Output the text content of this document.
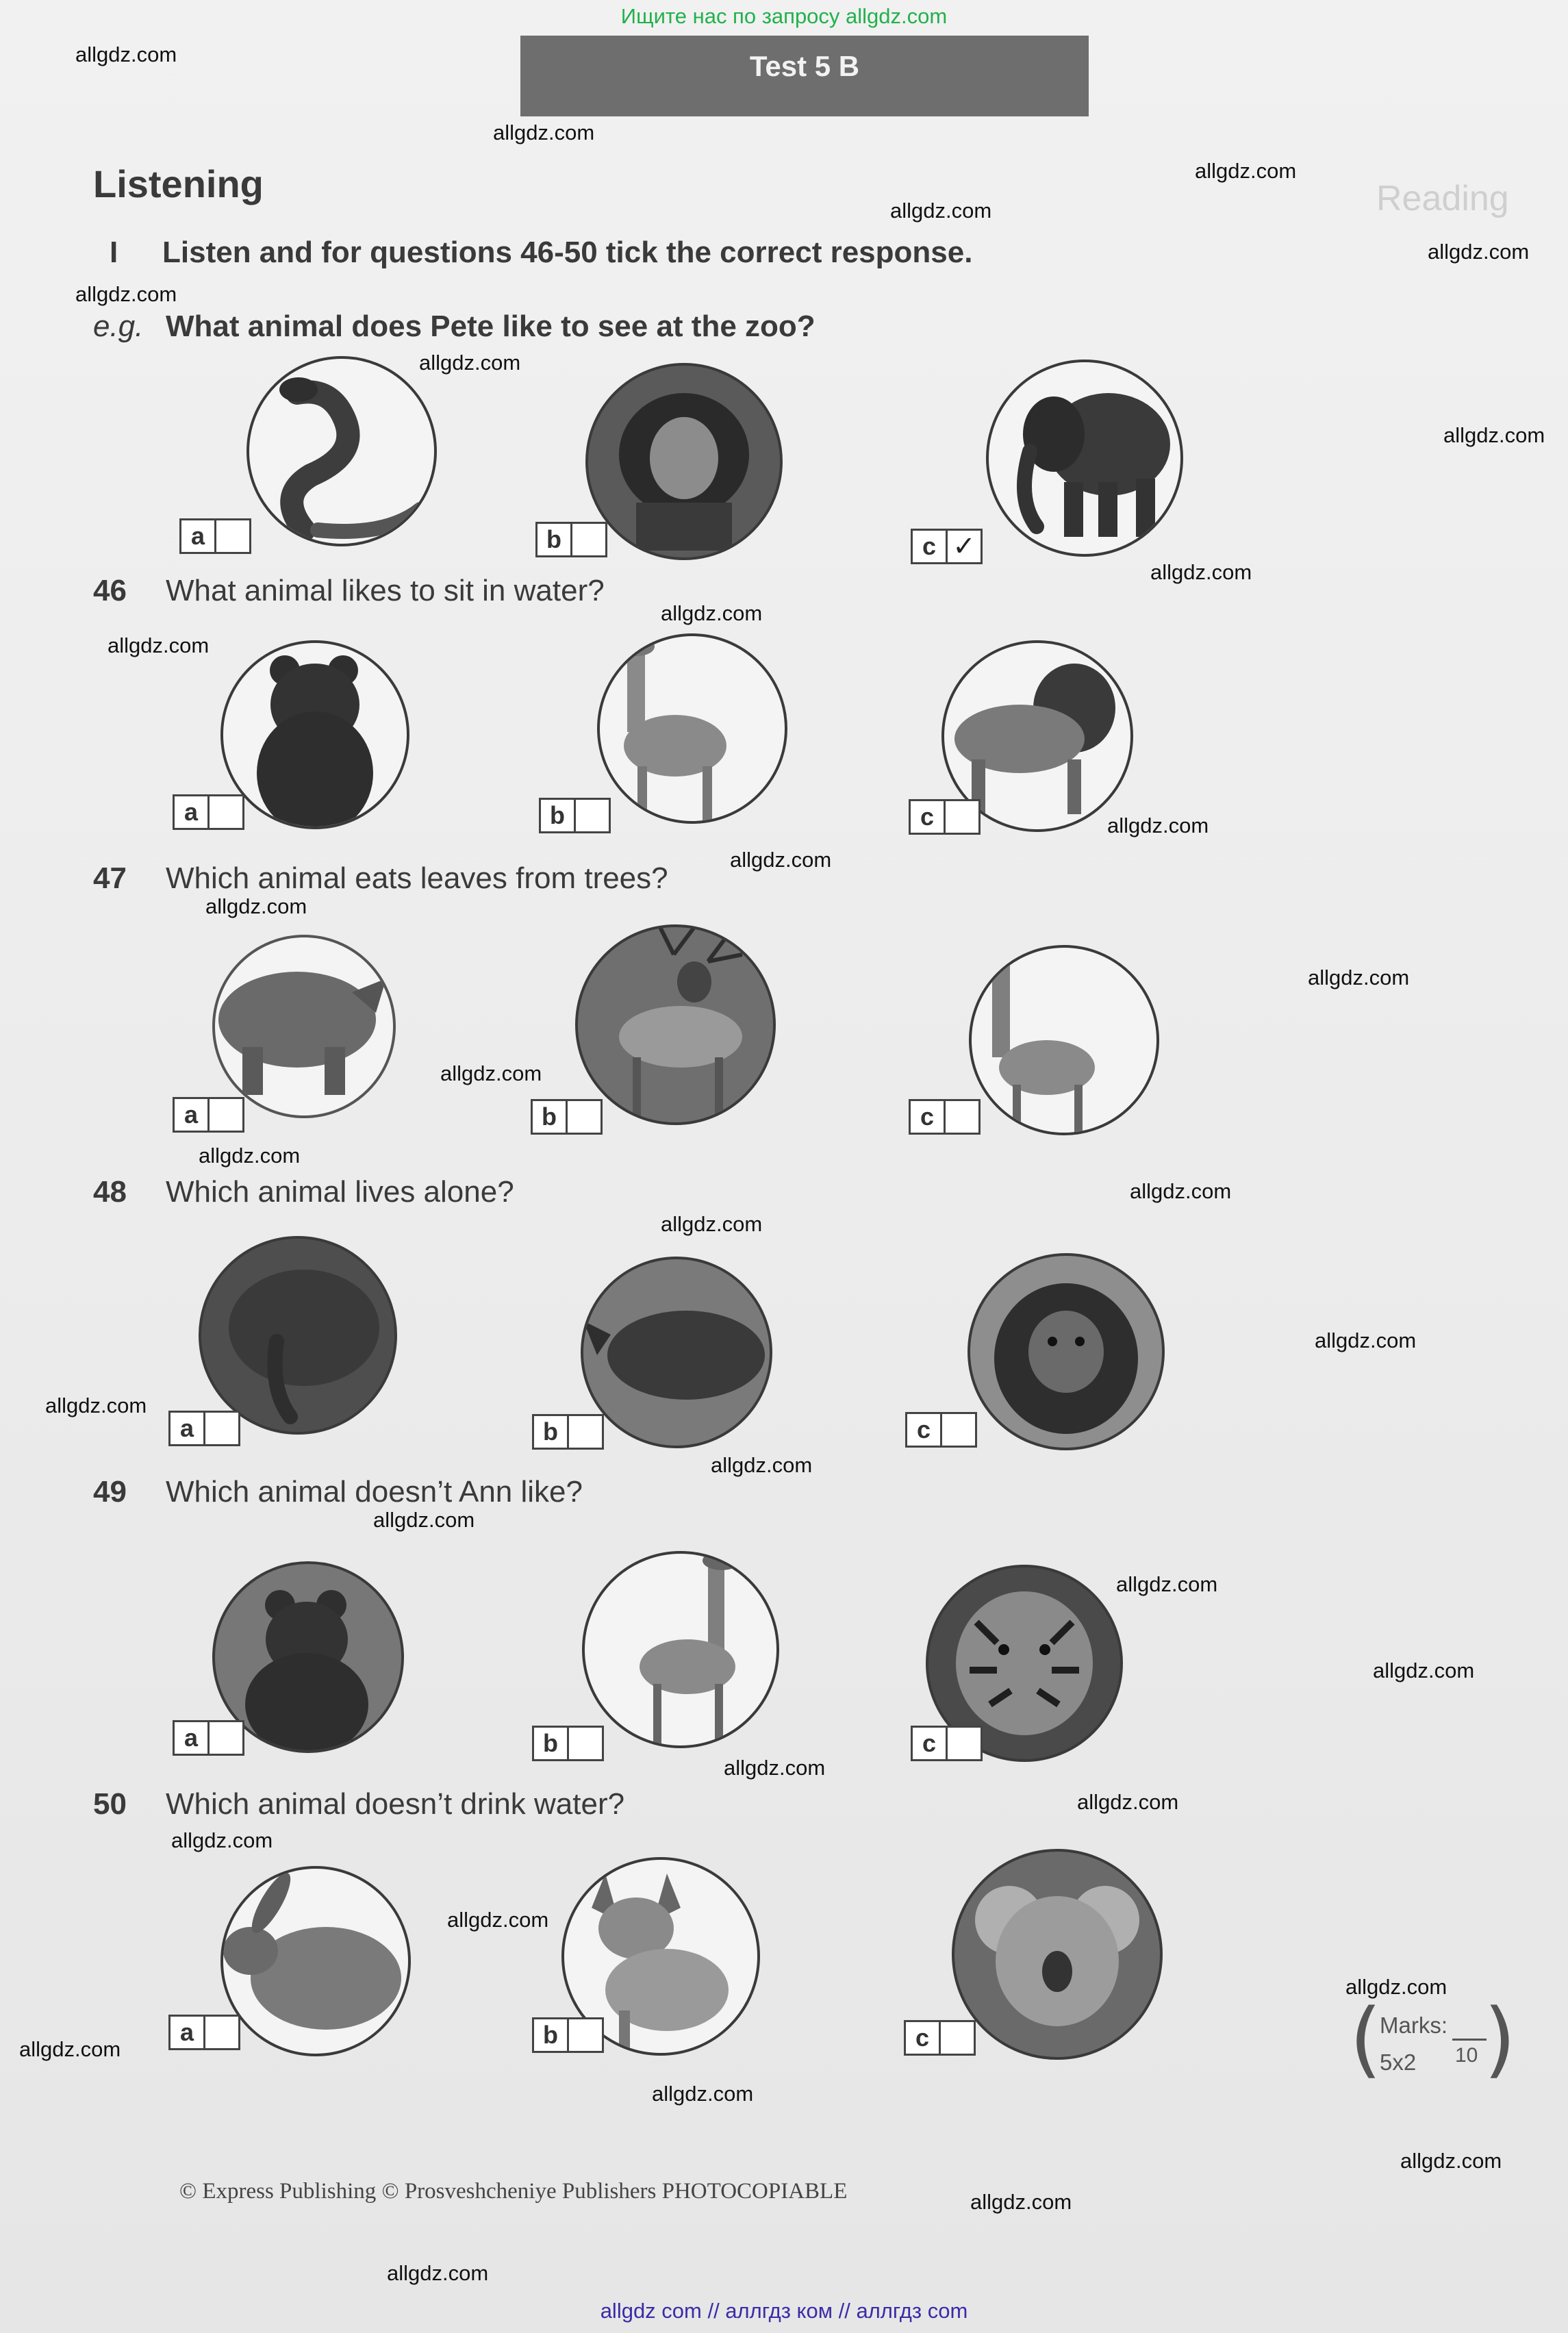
Ищите нас по запросу allgdz.com
Reading
Test 5 B
Listening
I Listen and for questions 46-50 tick the correct response.
e.g. What animal does Pete like to see at the zoo?
46 What animal likes to sit in water?
47 Which animal eats leaves from trees?
48 Which animal lives alone?
49 Which animal doesn’t Ann like?
50 Which animal doesn’t drink water?
a	b	c ✓
a	b	c
a	b	c
a	b	c
a	b	c
a	b	c	( )
Marks:
5x2 10
© Express Publishing © Prosveshcheniye Publishers PHOTOCOPIABLE
allgdz.com
allgdz.com
allgdz.com
allgdz.com
allgdz.com
allgdz.com
allgdz.com
allgdz.com
allgdz.com
allgdz.com
allgdz.com
allgdz.com
allgdz.com
allgdz.com
allgdz.com
allgdz.com
allgdz.com
allgdz.com
allgdz.com
allgdz.com
allgdz.com
allgdz.com
allgdz.com
allgdz.com
allgdz.com
allgdz.com
allgdz.com
allgdz.com
allgdz.com
allgdz.com
allgdz.com
allgdz.com
allgdz.com
allgdz.com
allgdz.com
allgdz com // аллгдз ком // аллгдз com
